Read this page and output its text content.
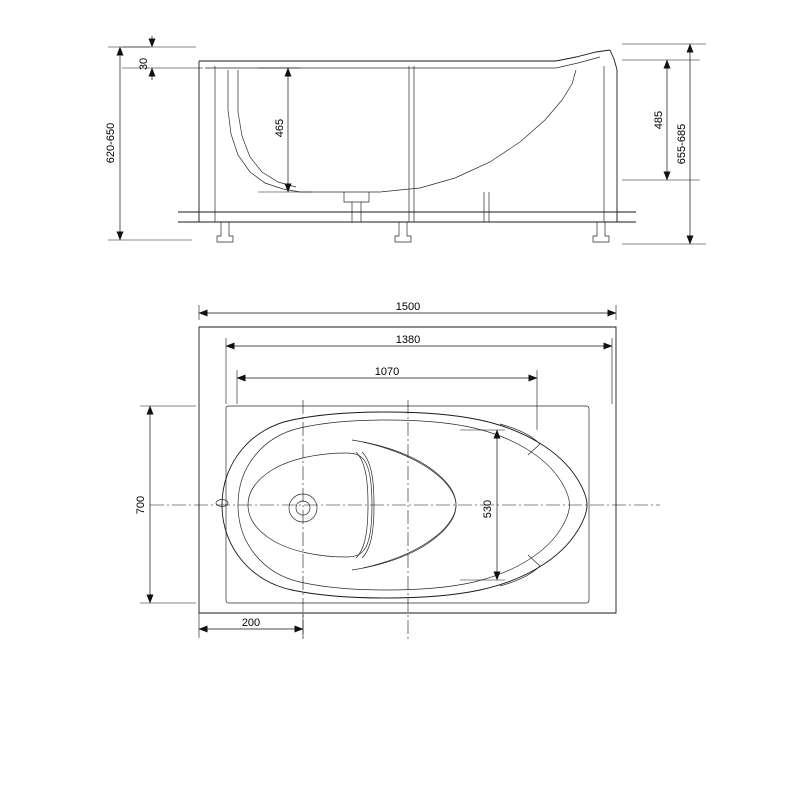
30
620-650	465	485
655-685
1500
1380
1070
200
700	530
